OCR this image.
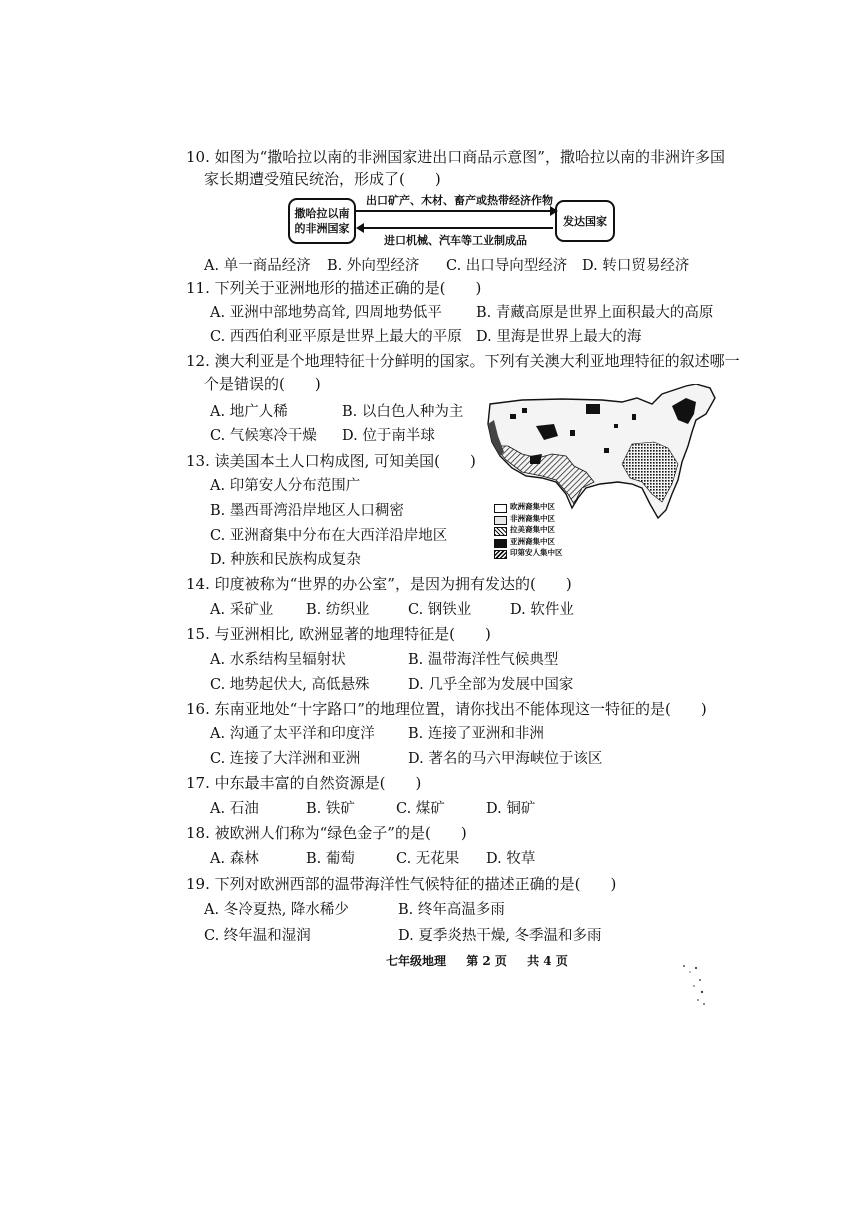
10. 如图为“撒哈拉以南的非洲国家进出口商品示意图”，撒哈拉以南的非洲许多国
家长期遭受殖民统治，形成了(　　)
撒哈拉以南的非洲国家
发达国家
出口矿产、木材、畜产或热带经济作物
进口机械、汽车等工业制成品
A. 单一商品经济 B. 外向型经济 C. 出口导向型经济 D. 转口贸易经济
11. 下列关于亚洲地形的描述正确的是(　　)
A. 亚洲中部地势高耸, 四周地势低平 B. 青藏高原是世界上面积最大的高原
C. 西西伯利亚平原是世界上最大的平原 D. 里海是世界上最大的海
12. 澳大利亚是个地理特征十分鲜明的国家。下列有关澳大利亚地理特征的叙述哪一
个是错误的(　　)
A. 地广人稀	B. 以白色人种为主
C. 气候寒冷干燥 D. 位于南半球
欧洲裔集中区
非洲裔集中区
拉美裔集中区
亚洲裔集中区
印第安人集中区
13. 读美国本土人口构成图, 可知美国(　　)
A. 印第安人分布范围广
B. 墨西哥湾沿岸地区人口稠密
C. 亚洲裔集中分布在大西洋沿岸地区
D. 种族和民族构成复杂
14. 印度被称为“世界的办公室”，是因为拥有发达的(　　)
A. 采矿业 B. 纺织业	C. 钢铁业	D. 软件业
15. 与亚洲相比, 欧洲显著的地理特征是(　　)
A. 水系结构呈辐射状	B. 温带海洋性气候典型
C. 地势起伏大, 高低悬殊	D. 几乎全部为发展中国家
16. 东南亚地处“十字路口”的地理位置，请你找出不能体现这一特征的是(　　)
A. 沟通了太平洋和印度洋 B. 连接了亚洲和非洲
C. 连接了大洋洲和亚洲	D. 著名的马六甲海峡位于该区
17. 中东最丰富的自然资源是(　　)
A. 石油	B. 铁矿	C. 煤矿	D. 铜矿
18. 被欧洲人们称为“绿色金子”的是(　　)
A. 森林	B. 葡萄	C. 无花果 D. 牧草
19. 下列对欧洲西部的温带海洋性气候特征的描述正确的是(　　)
A. 冬冷夏热, 降水稀少	B. 终年高温多雨
C. 终年温和湿润	D. 夏季炎热干燥, 冬季温和多雨
七年级地理 第 2 页 共 4 页
